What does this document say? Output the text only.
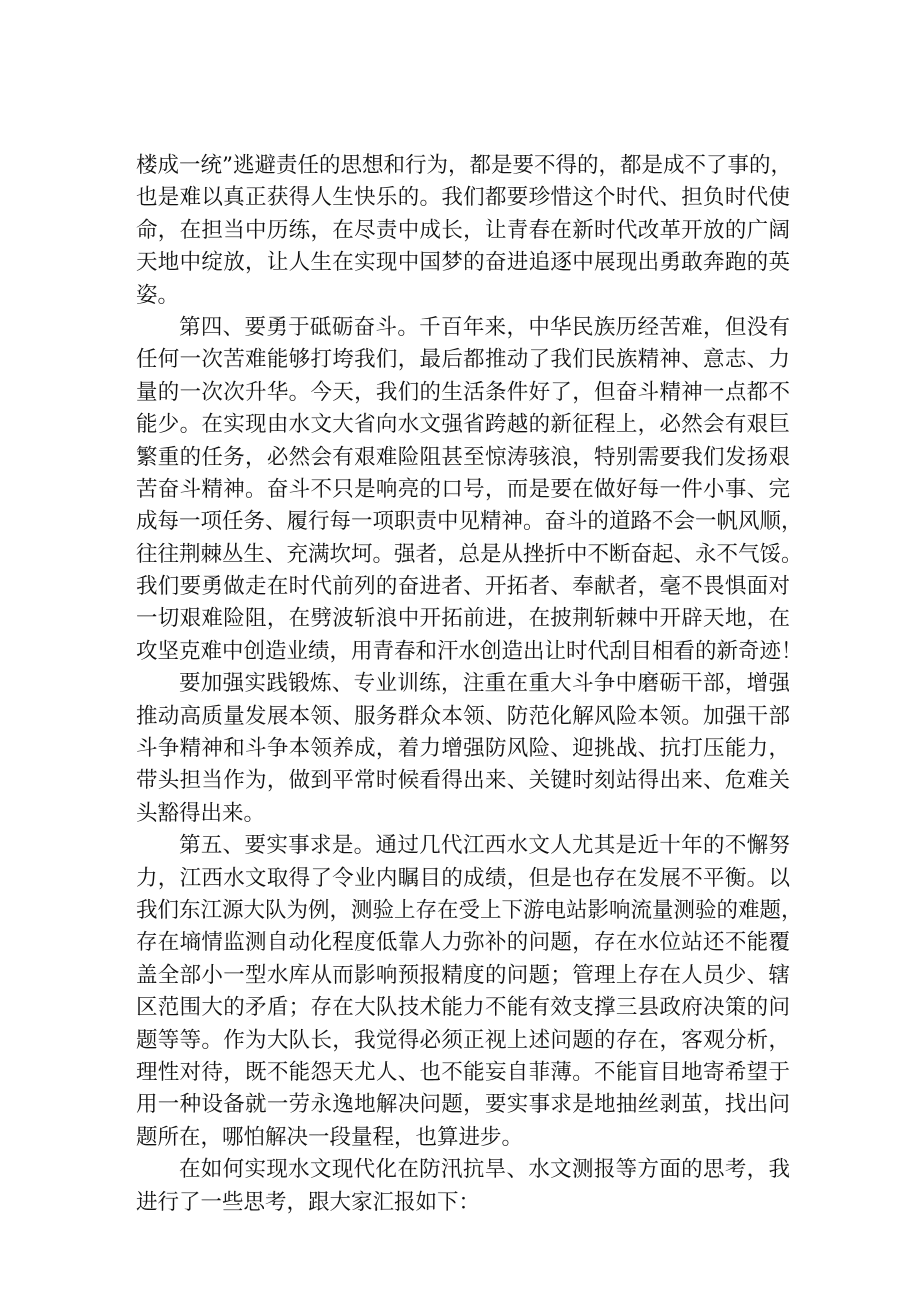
楼成一统”逃避责任的思想和行为，都是要不得的，都是成不了事的，
也是难以真正获得人生快乐的。我们都要珍惜这个时代、担负时代使
命，在担当中历练，在尽责中成长，让青春在新时代改革开放的广阔
天地中绽放，让人生在实现中国梦的奋进追逐中展现出勇敢奔跑的英
姿。
第四、要勇于砥砺奋斗。千百年来，中华民族历经苦难，但没有
任何一次苦难能够打垮我们，最后都推动了我们民族精神、意志、力
量的一次次升华。今天，我们的生活条件好了，但奋斗精神一点都不
能少。在实现由水文大省向水文强省跨越的新征程上，必然会有艰巨
繁重的任务，必然会有艰难险阻甚至惊涛骇浪，特别需要我们发扬艰
苦奋斗精神。奋斗不只是响亮的口号，而是要在做好每一件小事、完
成每一项任务、履行每一项职责中见精神。奋斗的道路不会一帆风顺，
往往荆棘丛生、充满坎坷。强者，总是从挫折中不断奋起、永不气馁。
我们要勇做走在时代前列的奋进者、开拓者、奉献者，毫不畏惧面对
一切艰难险阻，在劈波斩浪中开拓前进，在披荆斩棘中开辟天地，在
攻坚克难中创造业绩，用青春和汗水创造出让时代刮目相看的新奇迹！
要加强实践锻炼、专业训练，注重在重大斗争中磨砺干部，增强
推动高质量发展本领、服务群众本领、防范化解风险本领。加强干部
斗争精神和斗争本领养成，着力增强防风险、迎挑战、抗打压能力，
带头担当作为，做到平常时候看得出来、关键时刻站得出来、危难关
头豁得出来。
第五、要实事求是。通过几代江西水文人尤其是近十年的不懈努
力，江西水文取得了令业内瞩目的成绩，但是也存在发展不平衡。以
我们东江源大队为例，测验上存在受上下游电站影响流量测验的难题，
存在墒情监测自动化程度低靠人力弥补的问题，存在水位站还不能覆
盖全部小一型水库从而影响预报精度的问题；管理上存在人员少、辖
区范围大的矛盾；存在大队技术能力不能有效支撑三县政府决策的问
题等等。作为大队长，我觉得必须正视上述问题的存在，客观分析，
理性对待，既不能怨天尤人、也不能妄自菲薄。不能盲目地寄希望于
用一种设备就一劳永逸地解决问题，要实事求是地抽丝剥茧，找出问
题所在，哪怕解决一段量程，也算进步。
在如何实现水文现代化在防汛抗旱、水文测报等方面的思考，我
进行了一些思考，跟大家汇报如下：
